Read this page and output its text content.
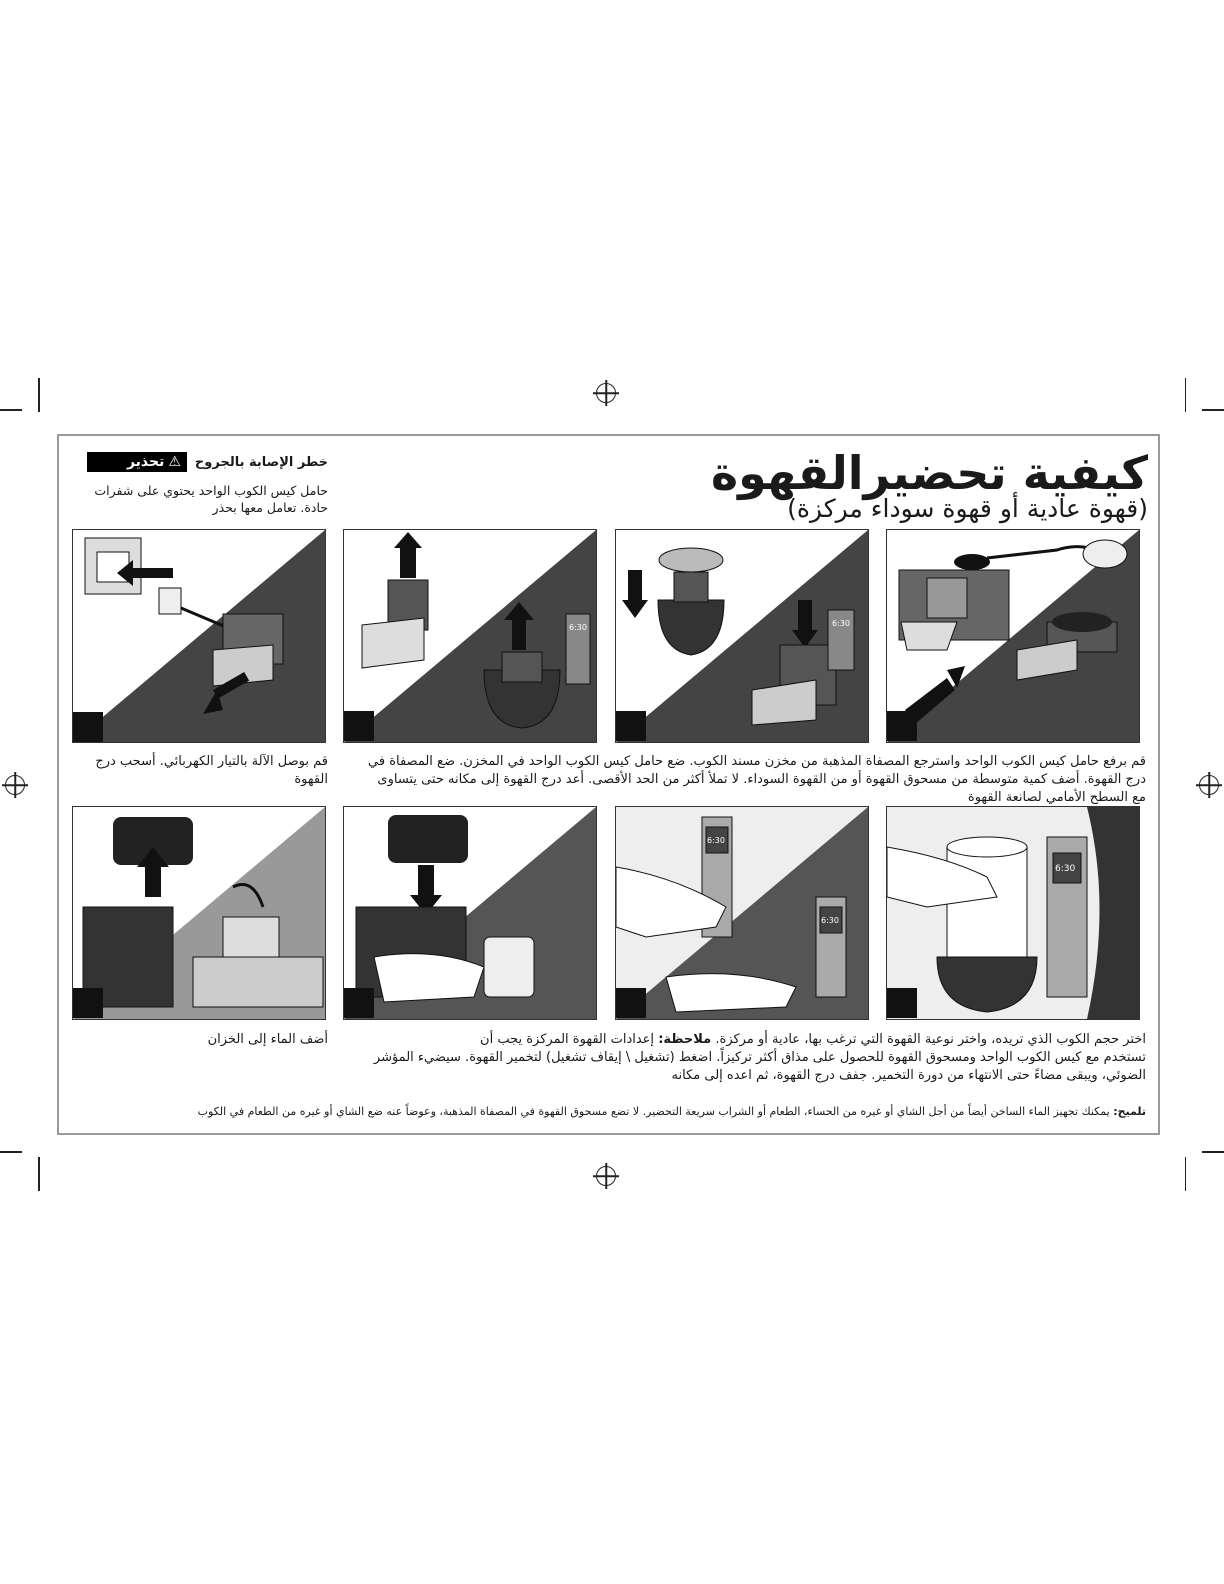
كيفية تحضيرالقهوة
(قهوة عادية أو قهوة سوداء مركزة)
⚠
تحذير خطر الإصابة بالجروح
حامل كيس الكوب الواحد يحتوي على شفرات حادة. تعامل معها بحذر
6:30
6:30
قم برفع حامل كيس الكوب الواحد واسترجع المصفاة المذهبة من مخزن مسند الكوب. ضع حامل كيس الكوب الواحد في المخزن. ضع المصفاة في درج القهوة. أضف كمية متوسطة من مسحوق القهوة أو من القهوة السوداء. لا تملأ أكثر من الحد الأقصى. أعد درج القهوة إلى مكانه حتى يتساوى مع السطح الأمامي لصانعة القهوة
قم بوصل الآلة بالتيار الكهربائي. أسحب درج القهوة
6:30
6:30
6:30
اختر حجم الكوب الذي تريده، واختر نوعية القهوة التي ترغب بها، عادية أو مركزة. ملاحظة: إعدادات القهوة المركزة يجب أن
تستخدم مع كيس الكوب الواحد ومسحوق القهوة للحصول على مذاق أكثر تركيزاً. اضغط (تشغيل \ إيقاف تشغيل) لتخمير القهوة. سيضيء المؤشر
الضوئي، ويبقى مضاءً حتى الانتهاء من دورة التخمير. جفف درج القهوة، ثم اعده إلى مكانه
أضف الماء إلى الخزان
تلميح: يمكنك تجهيز الماء الساخن أيضاً من أجل الشاي أو غيره من الحساء، الطعام أو الشراب سريعة التحضير. لا تضع مسحوق القهوة في المصفاة المذهبة، وعوضاً عنه ضع الشاي أو غيره من الطعام في الكوب
